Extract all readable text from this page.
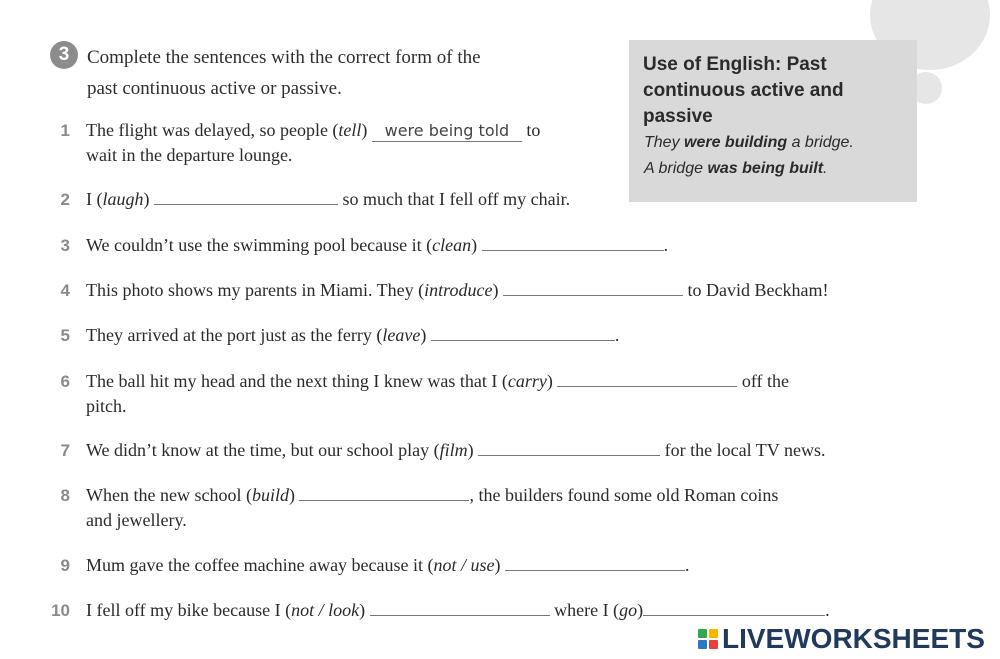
3 Complete the sentences with the correct form of the
past continuous active or passive.
Use of English: Past
continuous active and
passive
They were building a bridge.
A bridge was being built.
1 The flight was delayed, so people (tell) were being told to
wait in the departure lounge.
2 I (laugh)	so much that I fell off my chair.
3 We couldn’t use the swimming pool because it (clean)	.
4 This photo shows my parents in Miami. They (introduce)	to David Beckham!
5 They arrived at the port just as the ferry (leave)	.
6 The ball hit my head and the next thing I knew was that I (carry)	off the
pitch.
7 We didn’t know at the time, but our school play (film)	for the local TV news.
8 When the new school (build)	, the builders found some old Roman coins
and jewellery.
9 Mum gave the coffee machine away because it (not / use)	.
10 I fell off my bike because I (not / look)	where I (go)	.
LIVEWORKSHEETS
